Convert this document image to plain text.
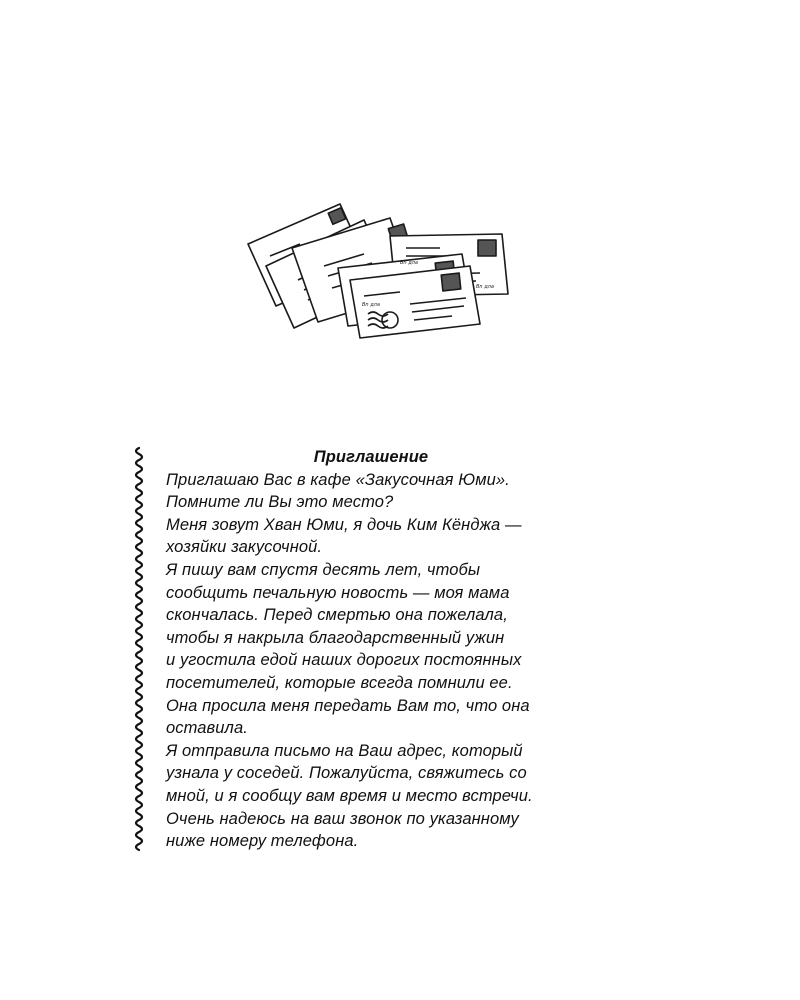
Bn дла
Bn дла
Bn дла
Приглашение
Приглашаю Вас в кафе «Закусочная Юми».
Помните ли Вы это место?
Меня зовут Хван Юми, я дочь Ким Кёнджа —
хозяйки закусочной.
Я пишу вам спустя десять лет, чтобы
сообщить печальную новость — моя мама
скончалась. Перед смертью она пожелала,
чтобы я накрыла благодарственный ужин
и угостила едой наших дорогих постоянных
посетителей, которые всегда помнили ее.
Она просила меня передать Вам то, что она
оставила.
Я отправила письмо на Ваш адрес, который
узнала у соседей. Пожалуйста, свяжитесь со
мной, и я сообщу вам время и место встречи.
Очень надеюсь на ваш звонок по указанному
ниже номеру телефона.
